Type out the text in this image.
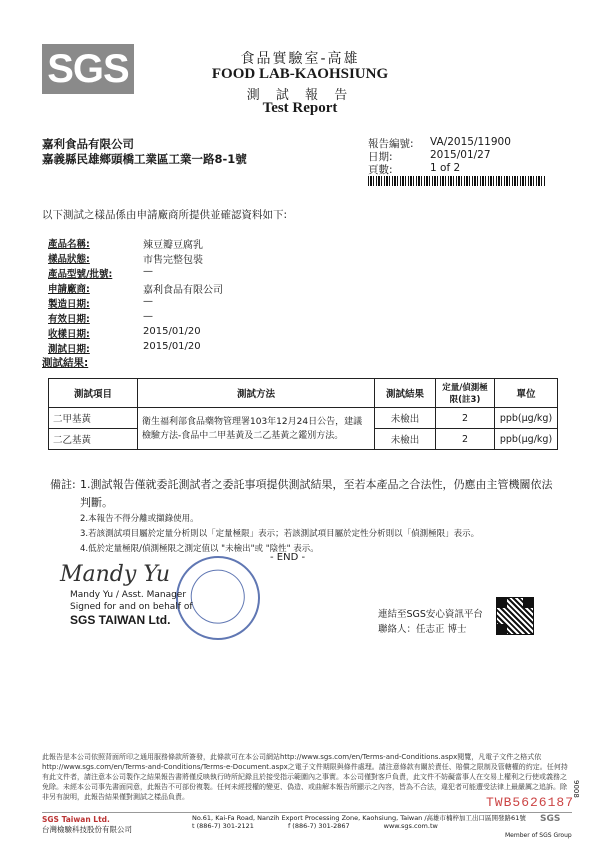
SGS	食品實驗室-高雄
FOOD LAB-KAOHSIUNG
測 試 報 告
Test Report
嘉利食品有限公司
嘉義縣民雄鄉頭橋工業區工業一路8-1號
報告編號:	VA/2015/11900
日期:	2015/01/27
頁數:	1 of 2
以下測試之樣品係由申請廠商所提供並確認資料如下:
產品名稱:	辣豆瓣豆腐乳
樣品狀態:	市售完整包裝
產品型號/批號:	—
申請廠商:	嘉利食品有限公司
製造日期:	—
有效日期:	—
收樣日期:	2015/01/20
測試日期:	2015/01/20
測試結果:
測試項目	測試方法	測試結果	定量/偵測極限(註3)	單位
二甲基黃	衛生福利部食品藥物管理署103年12月24日公告，建議檢驗方法-食品中二甲基黃及二乙基黃之鑑別方法。	未檢出	2	ppb(μg/kg)
二乙基黃		未檢出	2	ppb(μg/kg)
備註: 1.測試報告僅就委託測試者之委託事項提供測試結果，至若本產品之合法性，仍應由主管機關依法判斷。
2.本報告不得分離或擷錄使用。
3.若該測試項目屬於定量分析則以「定量極限」表示；若該測試項目屬於定性分析則以「偵測極限」表示。
4.低於定量極限/偵測極限之測定值以 "未檢出"或 "陰性" 表示。
- END -
Mandy Yu
Mandy Yu / Asst. Manager
Signed for and on behalf of
SGS TAIWAN Ltd.	連結至SGS安心資訊平台
聯絡人：任志正 博士
此報告是本公司依照背面所印之通用服務條款所簽發，此條款可在本公司網站http://www.sgs.com/en/Terms-and-Conditions.aspx閱覽，凡電子文件之格式依http://www.sgs.com/en/Terms-and-Conditions/Terms-e-Document.aspx之電子文件期限與條件處理。請注意條款有關於責任、賠償之限制及管轄權的約定。任何持有此文件者，請注意本公司製作之結果報告書將僅反映執行時所紀錄且於接受指示範圍內之事實。本公司僅對客戶負責，此文件不妨礙當事人在交易上權利之行使或義務之免除。未經本公司事先書面同意，此報告不可部份複製。任何未經授權的變更、偽造、或曲解本報告所顯示之內容，皆為不合法，違犯者可能遭受法律上最嚴厲之追訴。除非另有說明，此報告結果僅對測試之樣品負責。	TWB5626187
9008
SGS Taiwan Ltd.
台灣檢驗科技股份有限公司
No.61, Kai-Fa Road, Nanzih Export Processing Zone, Kaohsiung, Taiwan /高雄市楠梓加工出口區開發路61號
t (886-7) 301-2121	f (886-7) 301-2867	www.sgs.com.tw
SGS
Member of SGS Group
